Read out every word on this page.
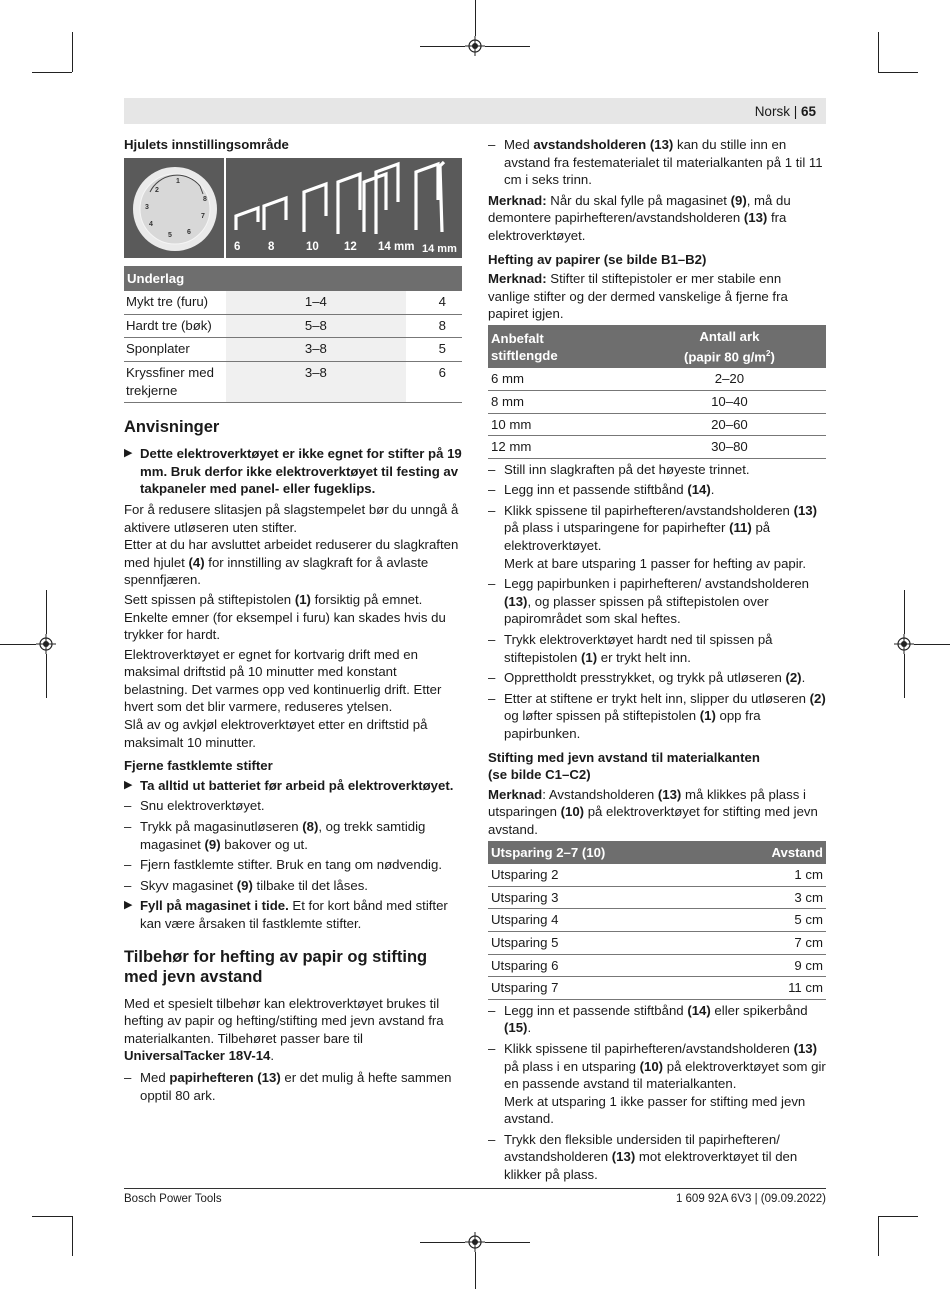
Norsk | 65
Hjulets innstillingsområde
1
2
3
4
5 6
7
8
6 8	10 12 14 mm 14 mm
Underlag		
Mykt tre (furu)	1–4	4
Hardt tre (bøk)	5–8	8
Sponplater	3–8	5
Kryssfiner med trekjerne	3–8	6
Anvisninger
▶ Dette elektroverktøyet er ikke egnet for stifter på 19 mm. Bruk derfor ikke elektroverktøyet til festing av takpaneler med panel- eller fugeklips.
For å redusere slitasjen på slagstempelet bør du unngå å aktivere utløseren uten stifter.
Etter at du har avsluttet arbeidet reduserer du slagkraften med hjulet (4) for innstilling av slagkraft for å avlaste spennfjæren.
Sett spissen på stiftepistolen (1) forsiktig på emnet. Enkelte emner (for eksempel i furu) kan skades hvis du trykker for hardt.
Elektroverktøyet er egnet for kortvarig drift med en maksimal driftstid på 10 minutter med konstant belastning. Det varmes opp ved kontinuerlig drift. Etter hvert som det blir varmere, reduseres ytelsen.
Slå av og avkjøl elektroverktøyet etter en driftstid på maksimalt 10 minutter.
Fjerne fastklemte stifter
▶ Ta alltid ut batteriet før arbeid på elektroverktøyet.
– Snu elektroverktøyet.
– Trykk på magasinutløseren (8), og trekk samtidig magasinet (9) bakover og ut.
– Fjern fastklemte stifter. Bruk en tang om nødvendig.
– Skyv magasinet (9) tilbake til det låses.
▶ Fyll på magasinet i tide. Et for kort bånd med stifter kan være årsaken til fastklemte stifter.
Tilbehør for hefting av papir og stifting med jevn avstand
Med et spesielt tilbehør kan elektroverktøyet brukes til hefting av papir og hefting/stifting med jevn avstand fra materialkanten. Tilbehøret passer bare til UniversalTacker 18V-14.
– Med papirhefteren (13) er det mulig å hefte sammen opptil 80 ark.
– Med avstandsholderen (13) kan du stille inn en avstand fra festematerialet til materialkanten på 1 til 11 cm i seks trinn.
Merknad: Når du skal fylle på magasinet (9), må du demontere papirhefteren/avstandsholderen (13) fra elektroverktøyet.
Hefting av papirer (se bilde B1–B2)
Merknad: Stifter til stiftepistoler er mer stabile enn vanlige stifter og der dermed vanskelige å fjerne fra papiret igjen.
Anbefalt
stiftlengde	Antall ark
(papir 80 $g/m^2$)
6 mm	2–20
8 mm	10–40
10 mm	20–60
12 mm	30–80
– Still inn slagkraften på det høyeste trinnet.
– Legg inn et passende stiftbånd (14).
– Klikk spissene til papirhefteren/avstandsholderen (13) på plass i utsparingene for papirhefter (11) på elektroverktøyet.
Merk at bare utsparing 1 passer for hefting av papir.
– Legg papirbunken i papirhefteren/ avstandsholderen (13), og plasser spissen på stiftepistolen over papirområdet som skal heftes.
– Trykk elektroverktøyet hardt ned til spissen på stiftepistolen (1) er trykt helt inn.
– Opprettholdt presstrykket, og trykk på utløseren (2).
– Etter at stiftene er trykt helt inn, slipper du utløseren (2) og løfter spissen på stiftepistolen (1) opp fra papirbunken.
Stifting med jevn avstand til materialkanten
(se bilde C1–C2)
Merknad: Avstandsholderen (13) må klikkes på plass i utsparingen (10) på elektroverktøyet for stifting med jevn avstand.
Utsparing 2–7 (10)	Avstand
Utsparing 2	1 cm
Utsparing 3	3 cm
Utsparing 4	5 cm
Utsparing 5	7 cm
Utsparing 6	9 cm
Utsparing 7	11 cm
– Legg inn et passende stiftbånd (14) eller spikerbånd (15).
– Klikk spissene til papirhefteren/avstandsholderen (13) på plass i en utsparing (10) på elektroverktøyet som gir en passende avstand til materialkanten.
Merk at utsparing 1 ikke passer for stifting med jevn avstand.
– Trykk den fleksible undersiden til papirhefteren/ avstandsholderen (13) mot elektroverktøyet til den klikker på plass.
Bosch Power Tools	1 609 92A 6V3 | (09.09.2022)
